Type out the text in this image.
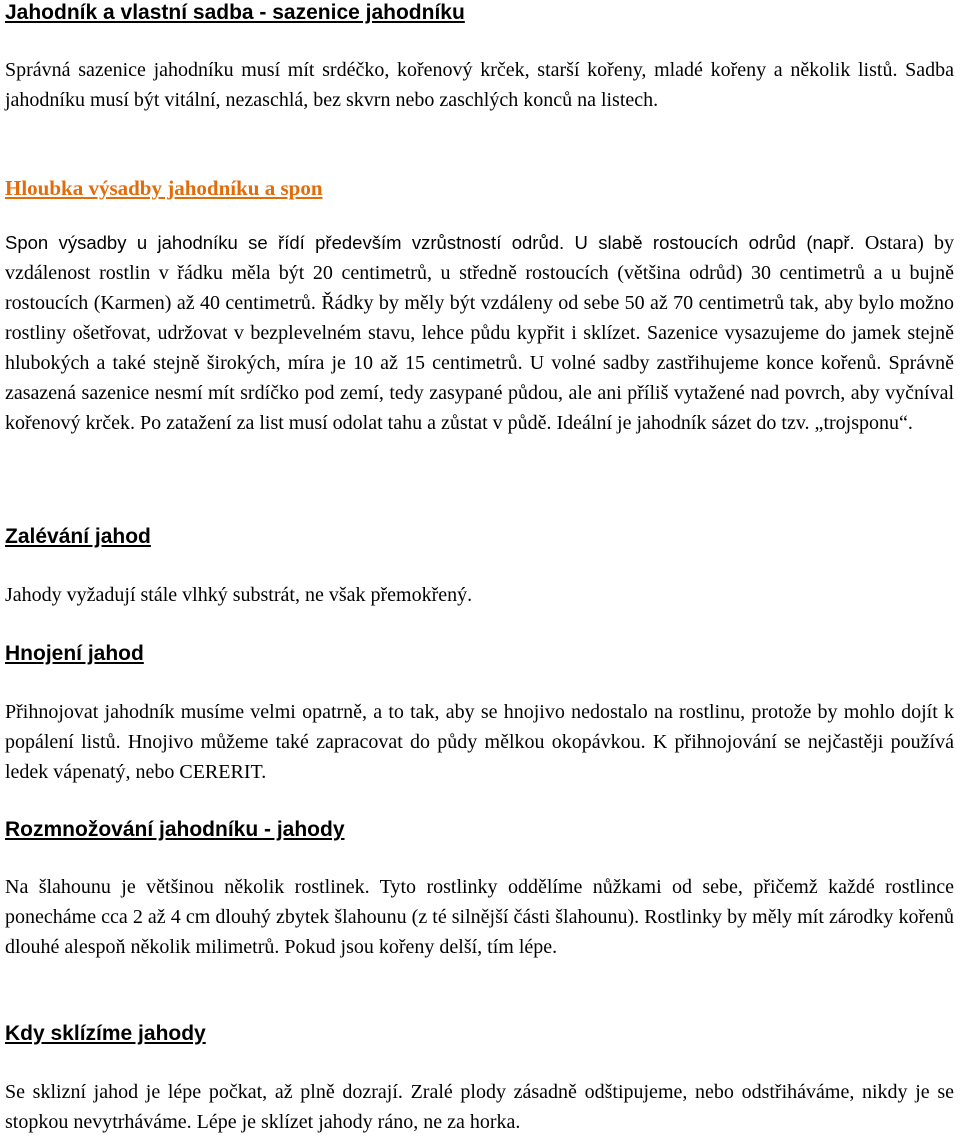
Jahodník a vlastní sadba - sazenice jahodníku

Správná sazenice jahodníku musí mít srdéčko, kořenový krček, starší kořeny, mladé kořeny a několik listů. Sadba jahodníku musí být vitální, nezaschlá, bez skvrn nebo zaschlých konců na listech.

Hloubka výsadby jahodníku a spon

Spon výsadby u jahodníku se řídí především vzrůstností odrůd. U slabě rostoucích odrůd (např. Ostara) by vzdálenost rostlin v řádku měla být 20 centimetrů, u středně rostoucích (většina odrůd) 30 centimetrů a u bujně rostoucích (Karmen) až 40 centimetrů. Řádky by měly být vzdáleny od sebe 50 až 70 centimetrů tak, aby bylo možno rostliny ošetřovat, udržovat v bezplevelném stavu, lehce půdu kypřit i sklízet. Sazenice vysazujeme do jamek stejně hlubokých a také stejně širokých, míra je 10 až 15 centimetrů. U volné sadby zastřihujeme konce kořenů. Správně zasazená sazenice nesmí mít srdíčko pod zemí, tedy zasypané půdou, ale ani příliš vytažené nad povrch, aby vyčníval kořenový krček. Po zatažení za list musí odolat tahu a zůstat v půdě. Ideální je jahodník sázet do tzv. „trojsponu“.

Zalévání jahod

Jahody vyžadují stále vlhký substrát, ne však přemokřený.

Hnojení jahod

Přihnojovat jahodník musíme velmi opatrně, a to tak, aby se hnojivo nedostalo na rostlinu, protože by mohlo dojít k popálení listů. Hnojivo můžeme také zapracovat do půdy mělkou okopávkou. K přihnojování se nejčastěji používá ledek vápenatý, nebo CERERIT.

Rozmnožování jahodníku - jahody

Na šlahounu je většinou několik rostlinek. Tyto rostlinky oddělíme nůžkami od sebe, přičemž každé rostlince ponecháme cca 2 až 4 cm dlouhý zbytek šlahounu (z té silnější části šlahounu). Rostlinky by měly mít zárodky kořenů dlouhé alespoň několik milimetrů. Pokud jsou kořeny delší, tím lépe.

Kdy sklízíme jahody

Se sklizní jahod je lépe počkat, až plně dozrají. Zralé plody zásadně odštipujeme, nebo odstřiháváme, nikdy je se stopkou nevytrháváme. Lépe je sklízet jahody ráno, ne za horka.
